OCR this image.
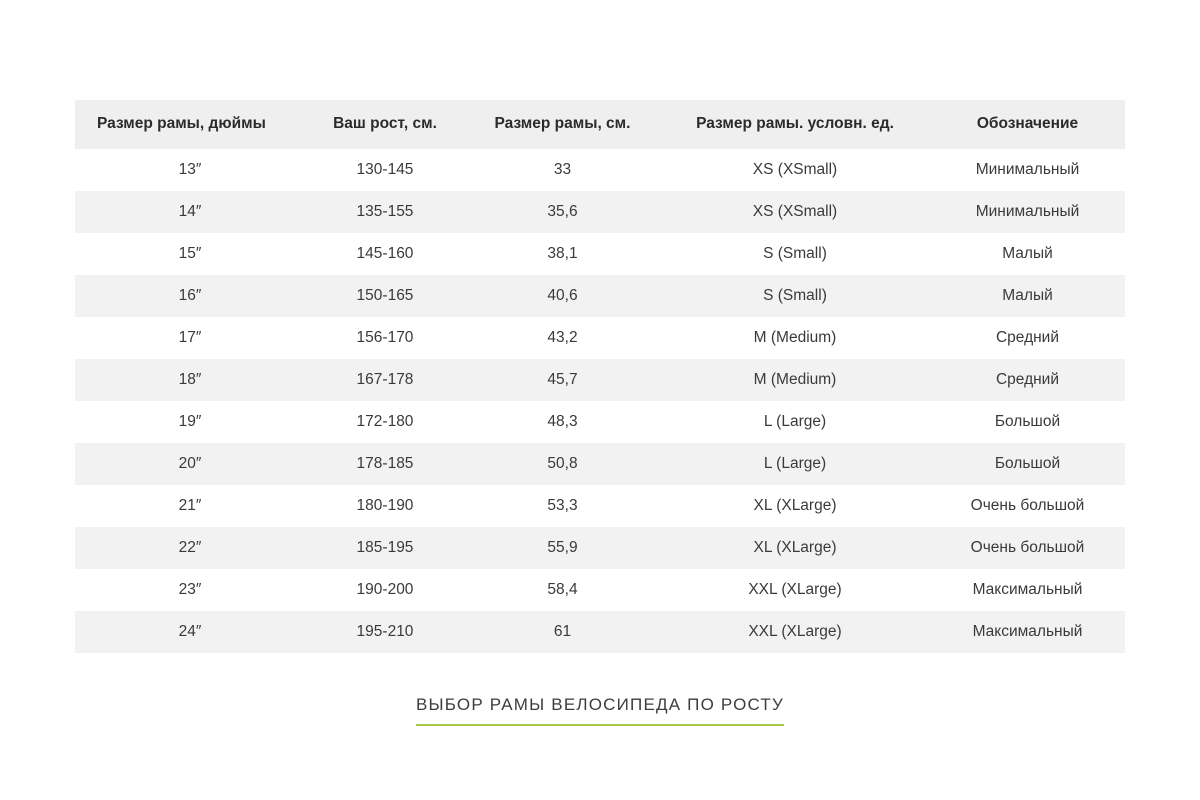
Размер рамы, дюймы	Ваш рост, см.	Размер рамы, см.	Размер рамы. условн. ед.	Обозначение
13″	130-145	33	XS (XSmall)	Минимальный
14″	135-155	35,6	XS (XSmall)	Минимальный
15″	145-160	38,1	S (Small)	Малый
16″	150-165	40,6	S (Small)	Малый
17″	156-170	43,2	M (Medium)	Средний
18″	167-178	45,7	M (Medium)	Средний
19″	172-180	48,3	L (Large)	Большой
20″	178-185	50,8	L (Large)	Большой
21″	180-190	53,3	XL (XLarge)	Очень большой
22″	185-195	55,9	XL (XLarge)	Очень большой
23″	190-200	58,4	XXL (XLarge)	Максимальный
24″	195-210	61	XXL (XLarge)	Максимальный
ВЫБОР РАМЫ ВЕЛОСИПЕДА ПО РОСТУ
